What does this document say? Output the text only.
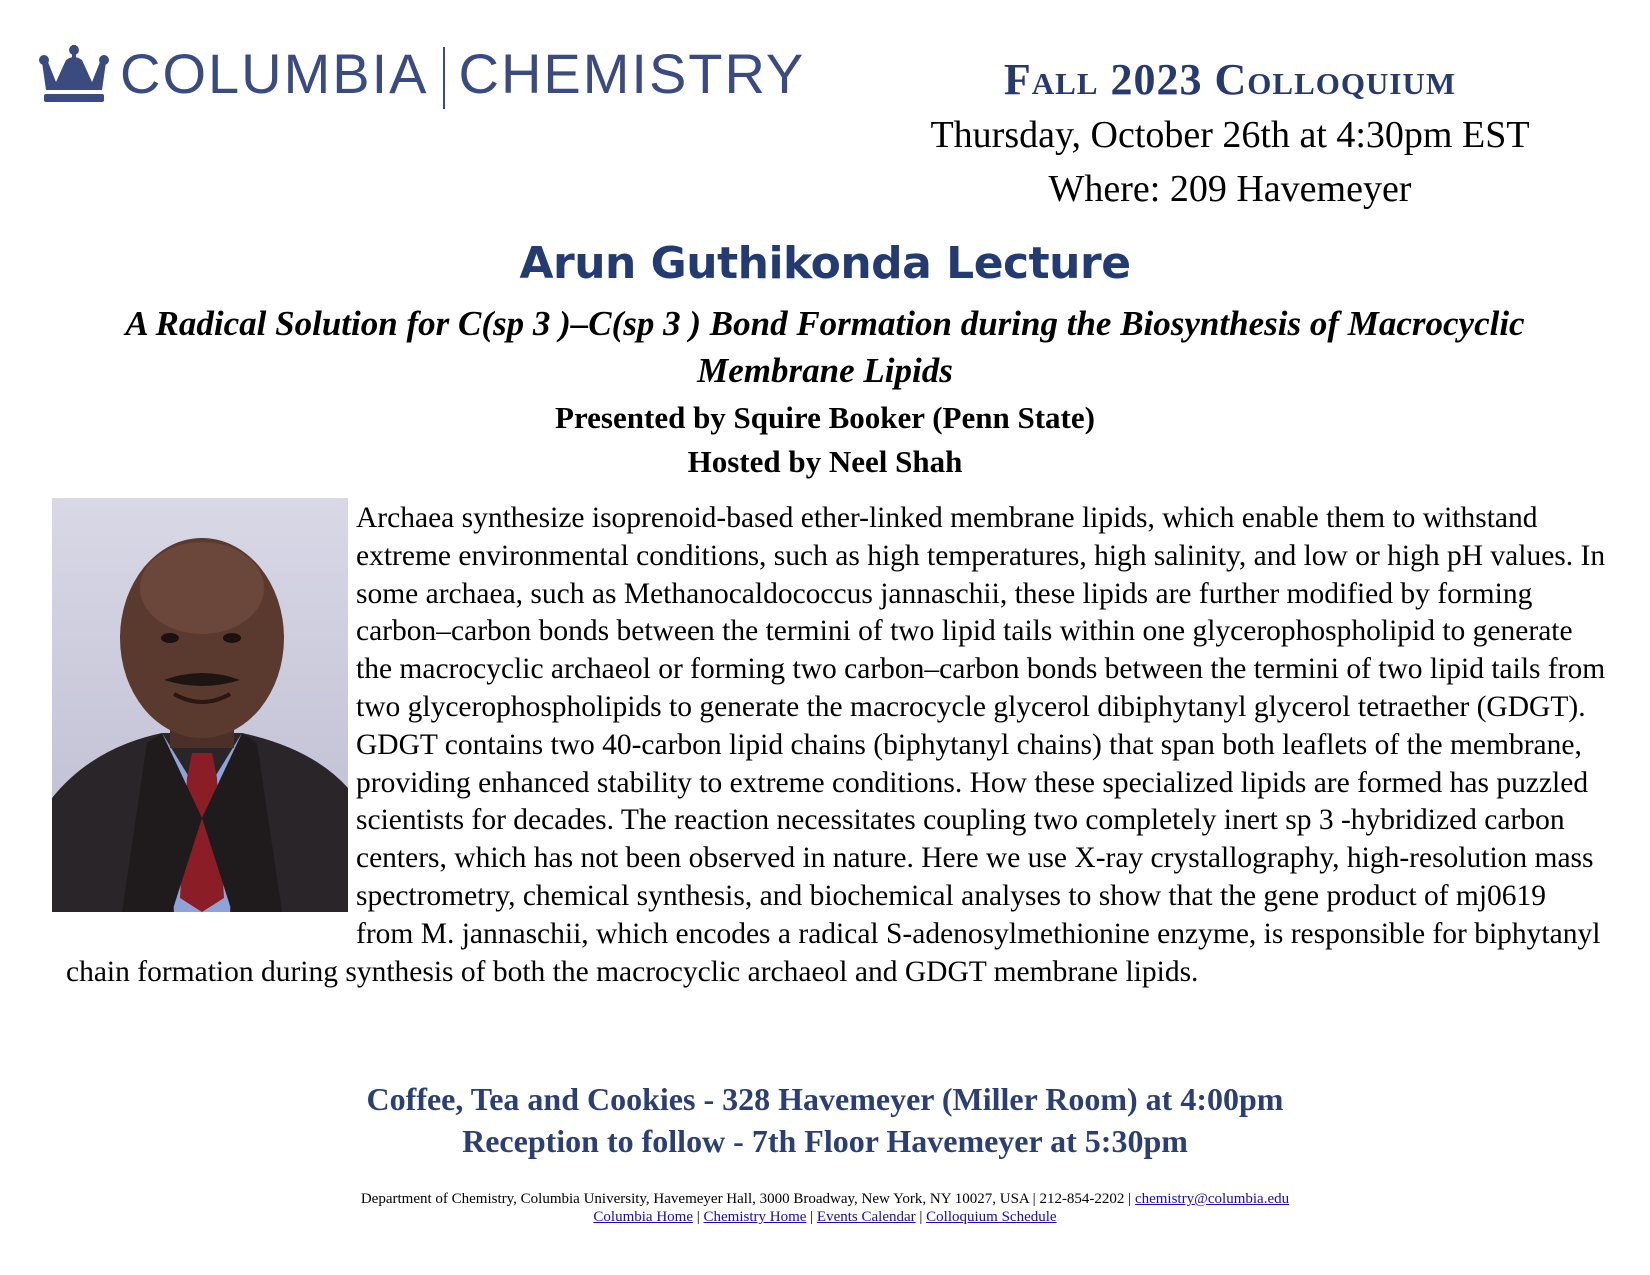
COLUMBIA CHEMISTRY	Fall 2023 Colloquium
Thursday, October 26th at 4:30pm EST
Where: 209 Havemeyer
Arun Guthikonda Lecture
A Radical Solution for C(sp 3 )–C(sp 3 ) Bond Formation during the Biosynthesis of Macrocyclic Membrane Lipids
Presented by Squire Booker (Penn State)
Hosted by Neel Shah
Archaea synthesize isoprenoid-based ether-linked membrane lipids, which enable them to withstand extreme environmental conditions, such as high temperatures, high salinity, and low or high pH values. In some archaea, such as Methanocaldococcus jannaschii, these lipids are further modified by forming carbon–carbon bonds between the termini of two lipid tails within one glycerophospholipid to generate the macrocyclic archaeol or forming two carbon–carbon bonds between the termini of two lipid tails from two glycerophospholipids to generate the macrocycle glycerol dibiphytanyl glycerol tetraether (GDGT). GDGT contains two 40-carbon lipid chains (biphytanyl chains) that span both leaflets of the membrane, providing enhanced stability to extreme conditions. How these specialized lipids are formed has puzzled scientists for decades. The reaction necessitates coupling two completely inert sp 3 -hybridized carbon centers, which has not been observed in nature. Here we use X-ray crystallography, high-resolution mass spectrometry, chemical synthesis, and biochemical analyses to show that the gene product of mj0619 from M. jannaschii, which encodes a radical S-adenosylmethionine enzyme, is responsible for biphytanyl chain formation during synthesis of both the macrocyclic archaeol and GDGT membrane lipids.
Coffee, Tea and Cookies - 328 Havemeyer (Miller Room) at 4:00pm
Reception to follow - 7th Floor Havemeyer at 5:30pm
Department of Chemistry, Columbia University, Havemeyer Hall, 3000 Broadway, New York, NY 10027, USA | 212-854-2202 | chemistry@columbia.edu
Columbia Home | Chemistry Home | Events Calendar | Colloquium Schedule
